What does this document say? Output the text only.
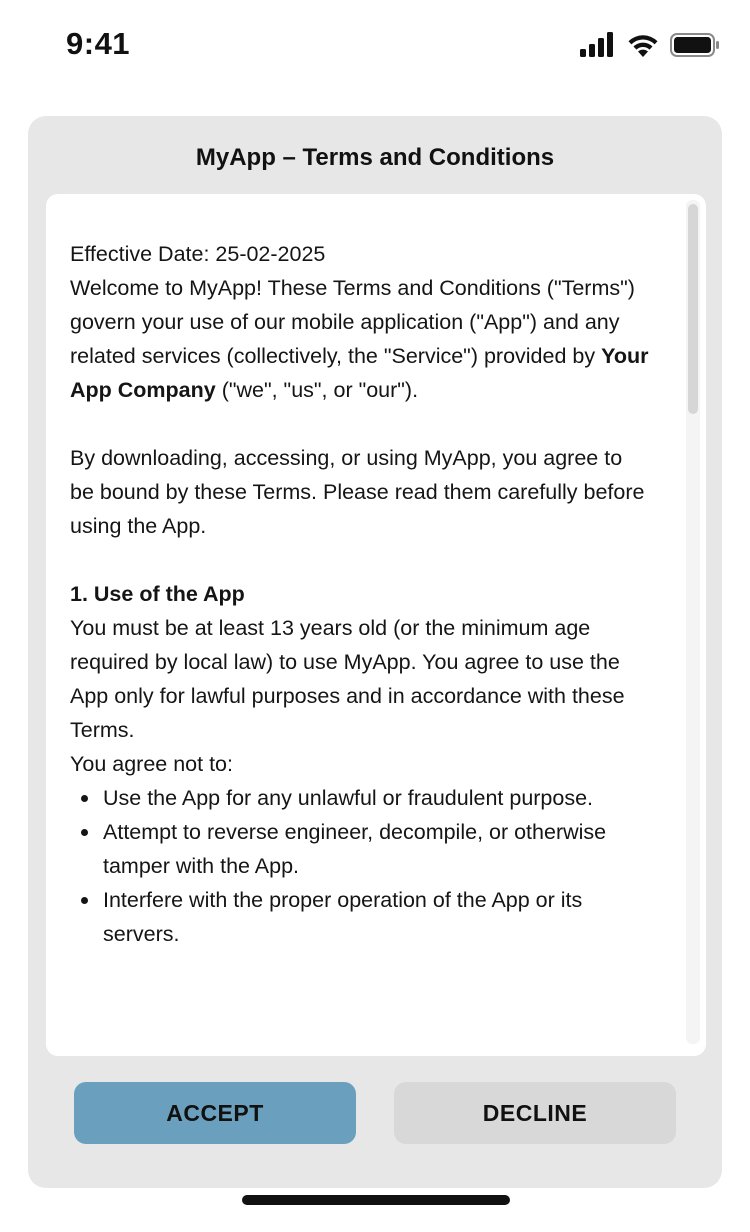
9:41
MyApp – Terms and Conditions

Effective Date: 25-02-2025

Welcome to MyApp! These Terms and Conditions ("Terms") govern your use of our mobile application ("App") and any related services (collectively, the "Service") provided by Your App Company ("we", "us", or "our").

By downloading, accessing, or using MyApp, you agree to be bound by these Terms. Please read them carefully before using the App.

1. Use of the App

You must be at least 13 years old (or the minimum age required by local law) to use MyApp. You agree to use the App only for lawful purposes and in accordance with these Terms.

You agree not to:

Use the App for any unlawful or fraudulent purpose.
Attempt to reverse engineer, decompile, or otherwise tamper with the App.
Interfere with the proper operation of the App or its servers.
ACCEPT	DECLINE
